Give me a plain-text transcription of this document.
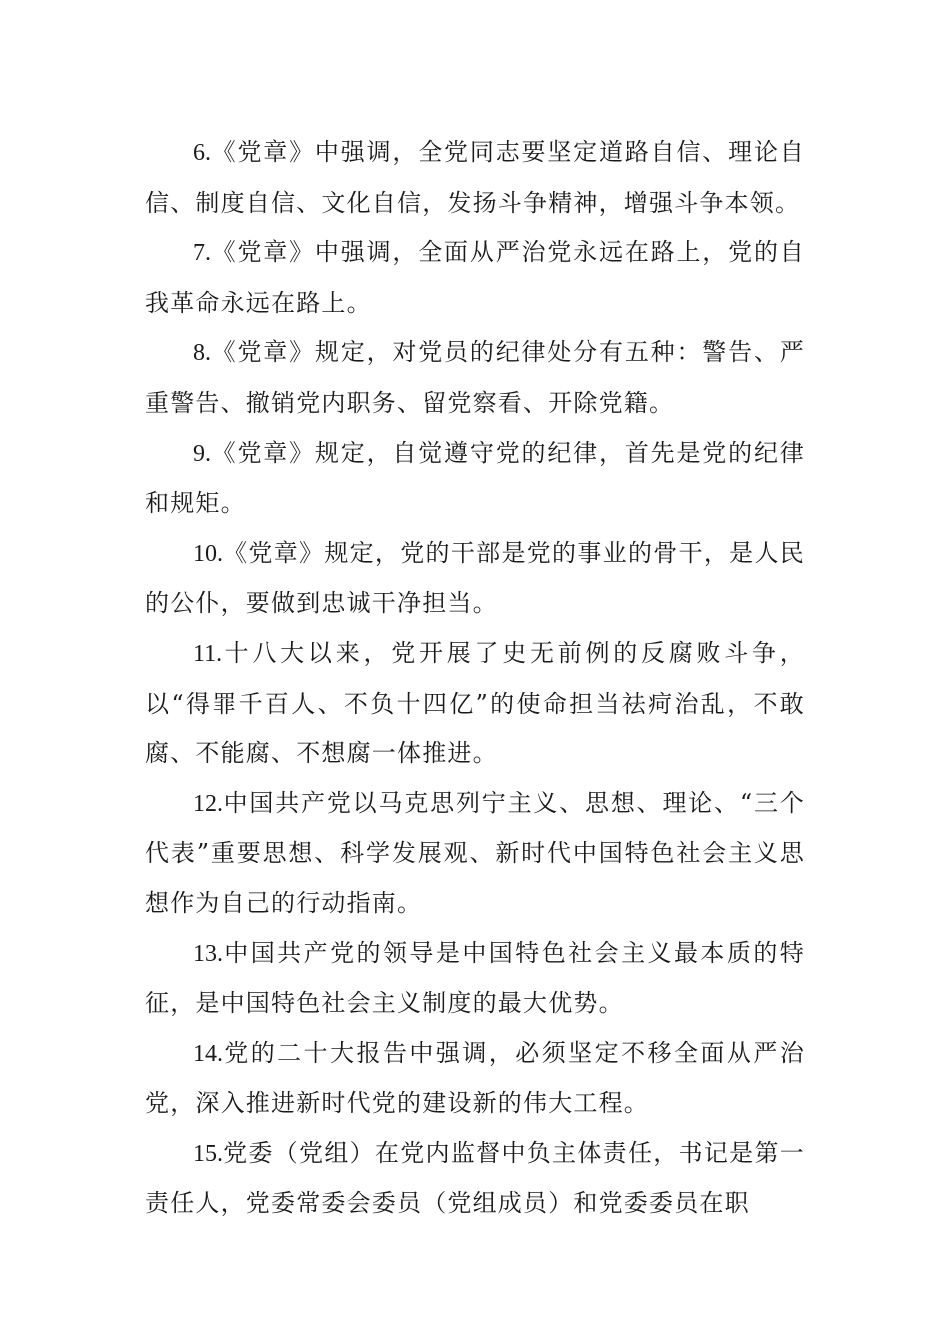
6.《党章》中强调，全党同志要坚定道路自信、理论自信、制度自信、文化自信，发扬斗争精神，增强斗争本领。

7.《党章》中强调，全面从严治党永远在路上，党的自我革命永远在路上。

8.《党章》规定，对党员的纪律处分有五种：警告、严重警告、撤销党内职务、留党察看、开除党籍。

9.《党章》规定，自觉遵守党的纪律，首先是党的纪律和规矩。

10.《党章》规定，党的干部是党的事业的骨干，是人民的公仆，要做到忠诚干净担当。

11.十八大以来，党开展了史无前例的反腐败斗争，以“得罪千百人、不负十四亿”的使命担当祛疴治乱，不敢腐、不能腐、不想腐一体推进。

12.中国共产党以马克思列宁主义、思想、理论、“三个代表”重要思想、科学发展观、新时代中国特色社会主义思想作为自己的行动指南。

13.中国共产党的领导是中国特色社会主义最本质的特征，是中国特色社会主义制度的最大优势。

14.党的二十大报告中强调，必须坚定不移全面从严治党，深入推进新时代党的建设新的伟大工程。

15.党委（党组）在党内监督中负主体责任，书记是第一责任人，党委常委会委员（党组成员）和党委委员在职
